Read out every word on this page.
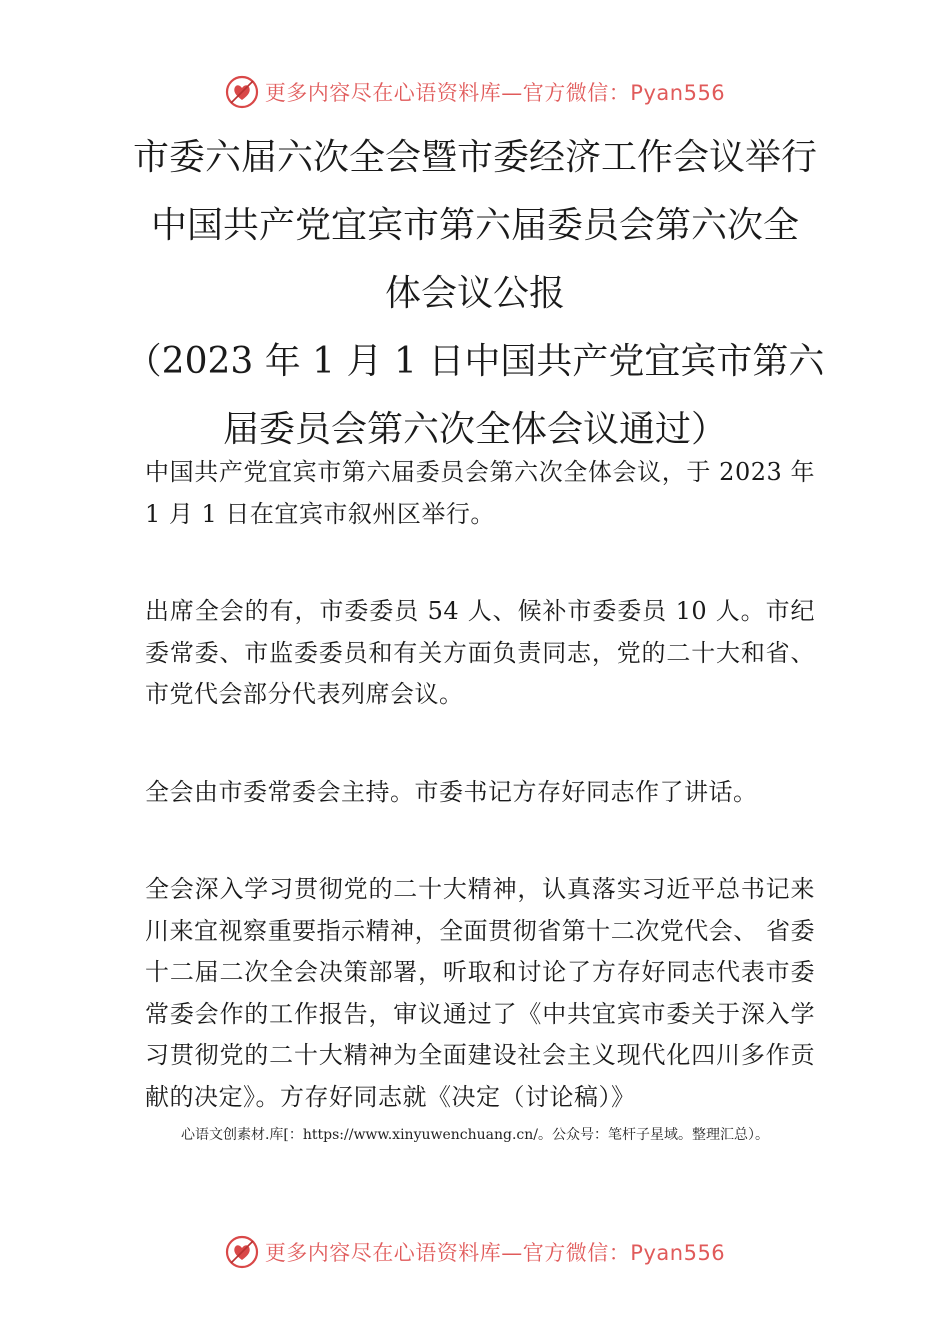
更多内容尽在心语资料库—官方微信：Pyan556
市委六届六次全会暨市委经济工作会议举行
中国共产党宜宾市第六届委员会第六次全
体会议公报
（2023 年 1 月 1 日中国共产党宜宾市第六
届委员会第六次全体会议通过）

中国共产党宜宾市第六届委员会第六次全体会议，于 2023 年 1 月 1 日在宜宾市叙州区举行。

出席全会的有，市委委员 54 人、候补市委委员 10 人。市纪委常委、市监委委员和有关方面负责同志，党的二十大和省、市党代会部分代表列席会议。

全会由市委常委会主持。市委书记方存好同志作了讲话。

全会深入学习贯彻党的二十大精神，认真落实习近平总书记来川来宜视察重要指示精神，全面贯彻省第十二次党代会、 省委十二届二次全会决策部署，听取和讨论了方存好同志代表市委常委会作的工作报告，审议通过了《中共宜宾市委关于深入学习贯彻党的二十大精神为全面建设社会主义现代化四川多作贡献的决定》。方存好同志就《决定（讨论稿）》

心语文创素材.库[：https://www.xinyuwenchuang.cn/。公众号：笔杆子星域。整理汇总）。
更多内容尽在心语资料库—官方微信：Pyan556
